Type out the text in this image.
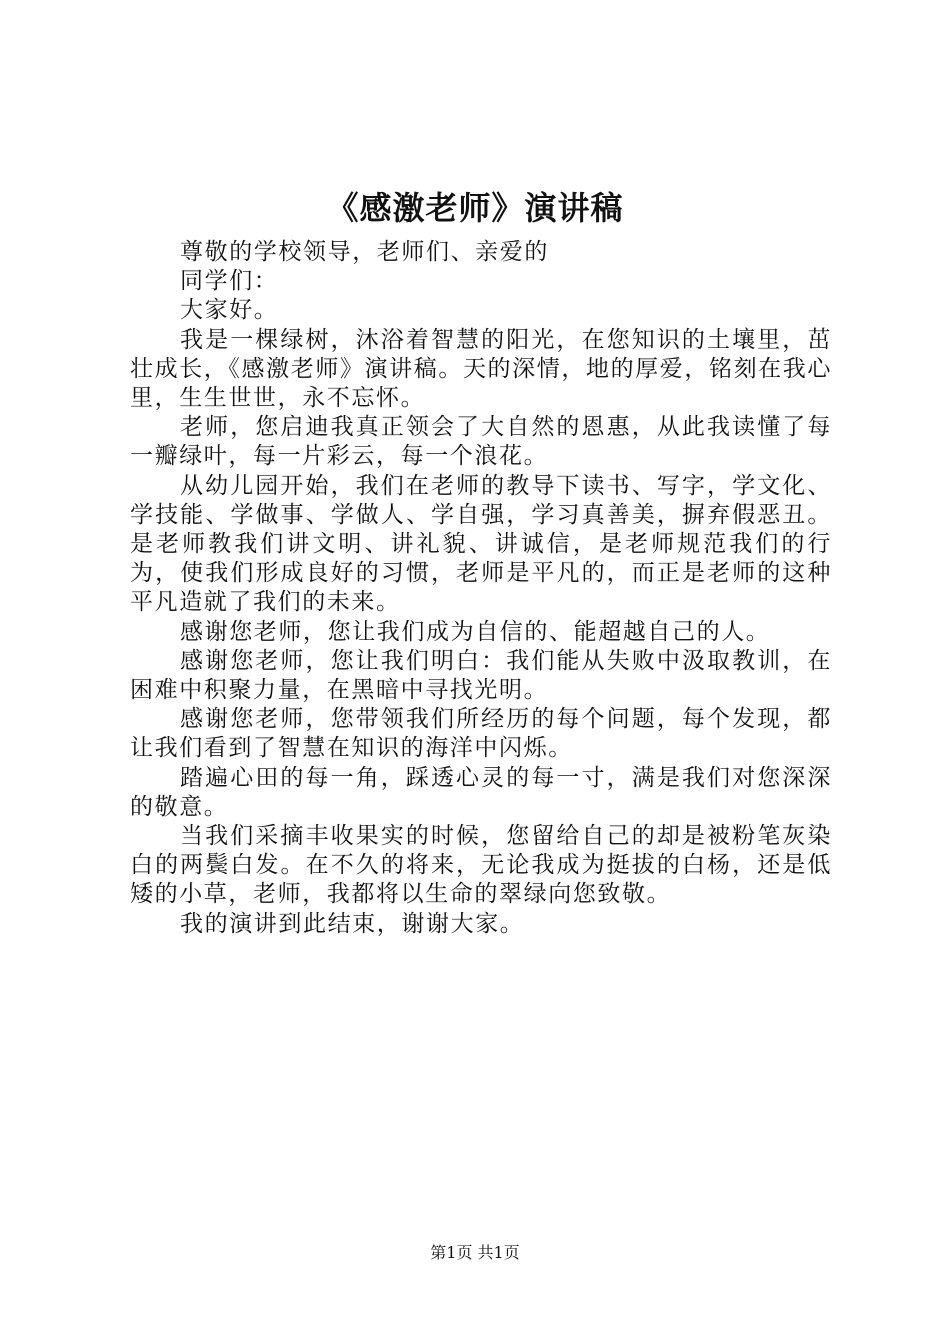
《感激老师》演讲稿

尊敬的学校领导，老师们、亲爱的

同学们：

大家好。

我是一棵绿树，沐浴着智慧的阳光，在您知识的土壤里，茁壮成长，《感激老师》演讲稿。天的深情，地的厚爱，铭刻在我心里，生生世世，永不忘怀。

老师，您启迪我真正领会了大自然的恩惠，从此我读懂了每一瓣绿叶，每一片彩云，每一个浪花。

从幼儿园开始，我们在老师的教导下读书、写字，学文化、学技能、学做事、学做人、学自强，学习真善美，摒弃假恶丑。是老师教我们讲文明、讲礼貌、讲诚信，是老师规范我们的行为，使我们形成良好的习惯，老师是平凡的，而正是老师的这种平凡造就了我们的未来。

感谢您老师，您让我们成为自信的、能超越自己的人。

感谢您老师，您让我们明白：我们能从失败中汲取教训，在困难中积聚力量，在黑暗中寻找光明。

感谢您老师，您带领我们所经历的每个问题，每个发现，都让我们看到了智慧在知识的海洋中闪烁。

踏遍心田的每一角，踩透心灵的每一寸，满是我们对您深深的敬意。

当我们采摘丰收果实的时候，您留给自己的却是被粉笔灰染白的两鬓白发。在不久的将来，无论我成为挺拔的白杨，还是低矮的小草，老师，我都将以生命的翠绿向您致敬。

我的演讲到此结束，谢谢大家。

第1页 共1页
